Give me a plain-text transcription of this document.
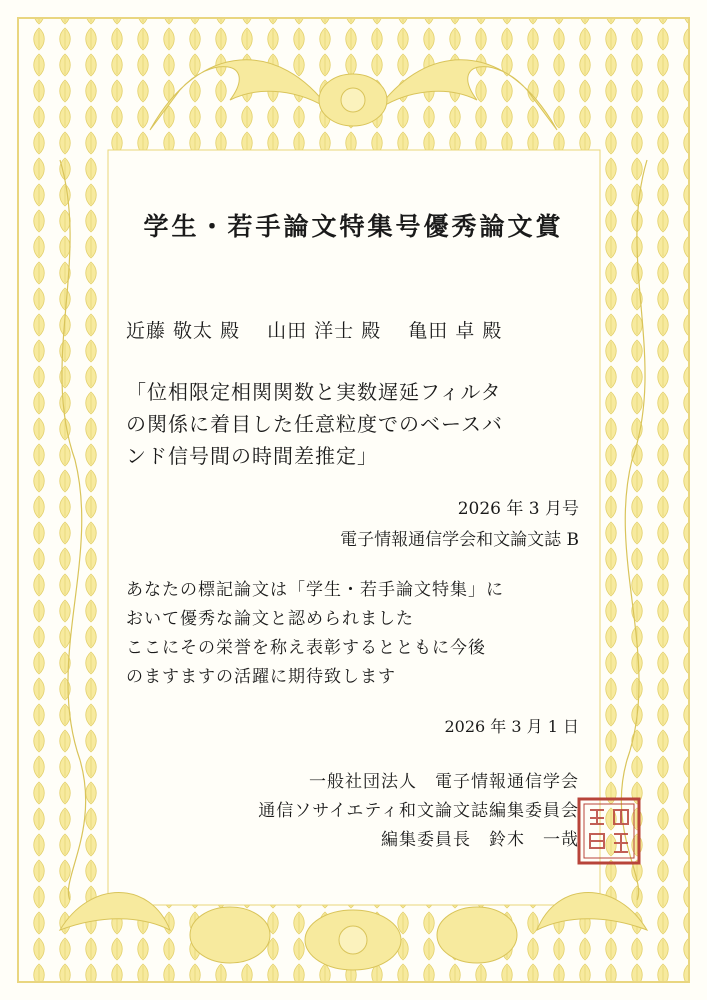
学生・若手論文特集号優秀論文賞
近藤 敬太 殿 山田 洋士 殿 亀田 卓 殿
「位相限定相関関数と実数遅延フィルタ
の関係に着目した任意粒度でのベースバ
ンド信号間の時間差推定」
2026 年 3 月号
電子情報通信学会和文論文誌 B
あなたの標記論文は「学生・若手論文特集」に
おいて優秀な論文と認められました
ここにその栄誉を称え表彰するとともに今後
のますますの活躍に期待致します
2026 年 3 月 1 日
一般社団法人　電子情報通信学会
通信ソサイエティ和文論文誌編集委員会
編集委員長　鈴木　一哉
